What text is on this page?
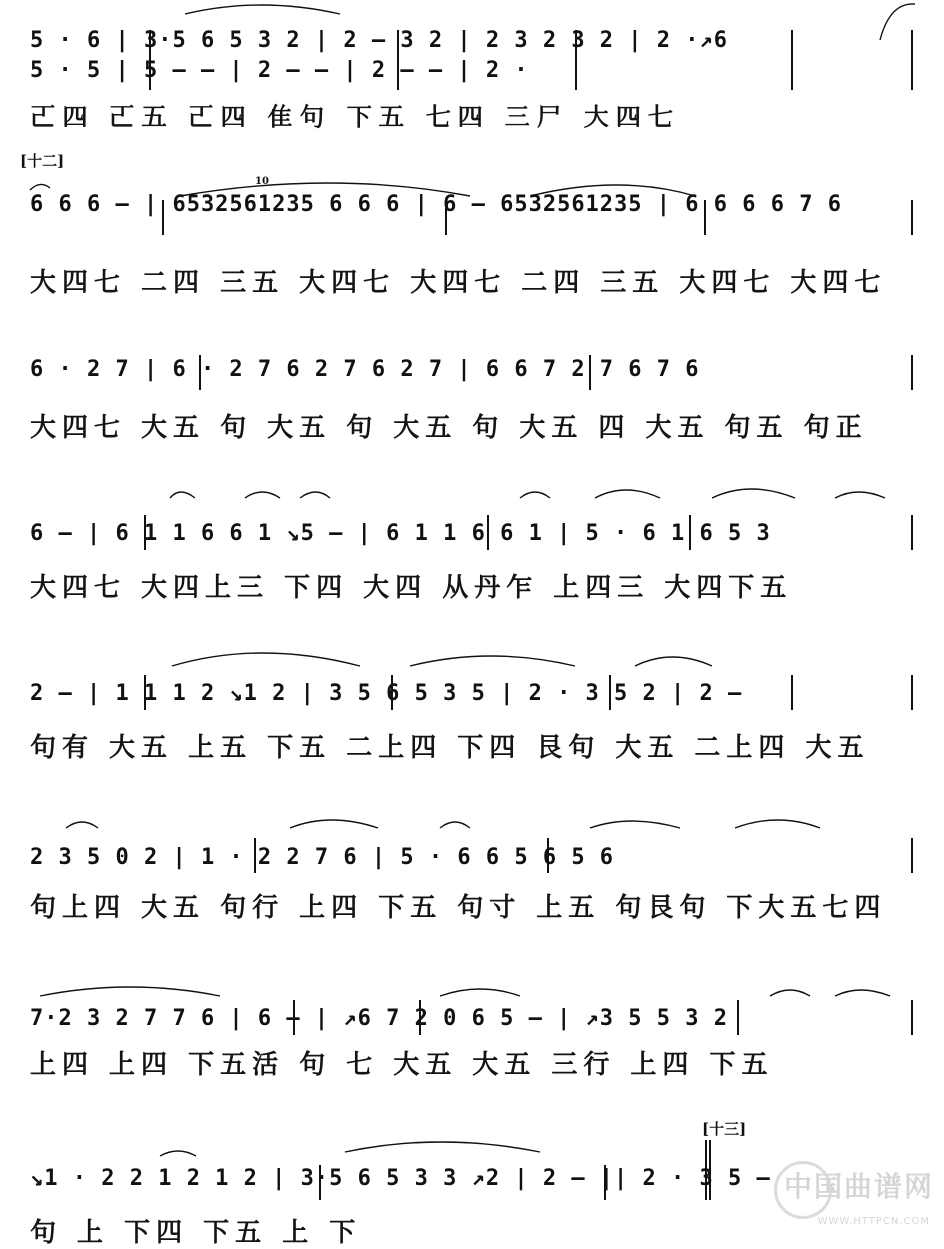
5 · 6 | 3·5 6 5 3 2 | 2 — 3 2 | 2 3 2 3 2 | 2 ·↗6
5 · 5 | 5 — — | 2 — — | 2 — — | 2 ·
𠀀四 𠀀五 𠀀四 隹句 下五 七四 三尸 大四七
[十二]
6 6 6 — | 6532561235 6 6 6 | 6 — 6532561235 | 6 6 6 6 7 6
10
大四七 二四 三五 大四七 大四七 二四 三五 大四七 大四七
6 · 2 7 | 6 · 2 7 6 2 7 6 2 7 | 6 6 7 2 7 6 7 6
大四七 大五 句 大五 句 大五 句 大五 四 大五 句五 句正
6 — | 6 1 1 6 6 1 ↘5 — | 6 1 1 6 6 1 | 5 · 6 1 6 5 3
大四七 大四上三 下四 大四 从丹乍 上四三 大四下五
2 — | 1 1 1 2 ↘1 2 | 3 5 6 5 3 5 | 2 · 3 5 2 | 2 —
句有 大五 上五 下五 二上四 下四 艮句 大五 二上四 大五
2 3 5 0 2 | 1 · 2 2 7 6 | 5 · 6 6 5 6 5 6
句上四 大五 句行 上四 下五 句寸 上五 句艮句 下大五七四
7·2 3 2 7 7 6 | 6 — | ↗6 7 2 0 6 5 — | ↗3 5 5 3 2
上四 上四 下五活 句 七 大五 大五 三行 上四 下五
[十三]
↘1 · 2 2 1 2 1 2 | 3·5 6 5 3 3 ↗2 | 2 — || 2 · 3 5 —
句 上 下四 下五 上 下
中国曲谱网
WWW.HTTPCN.COM
